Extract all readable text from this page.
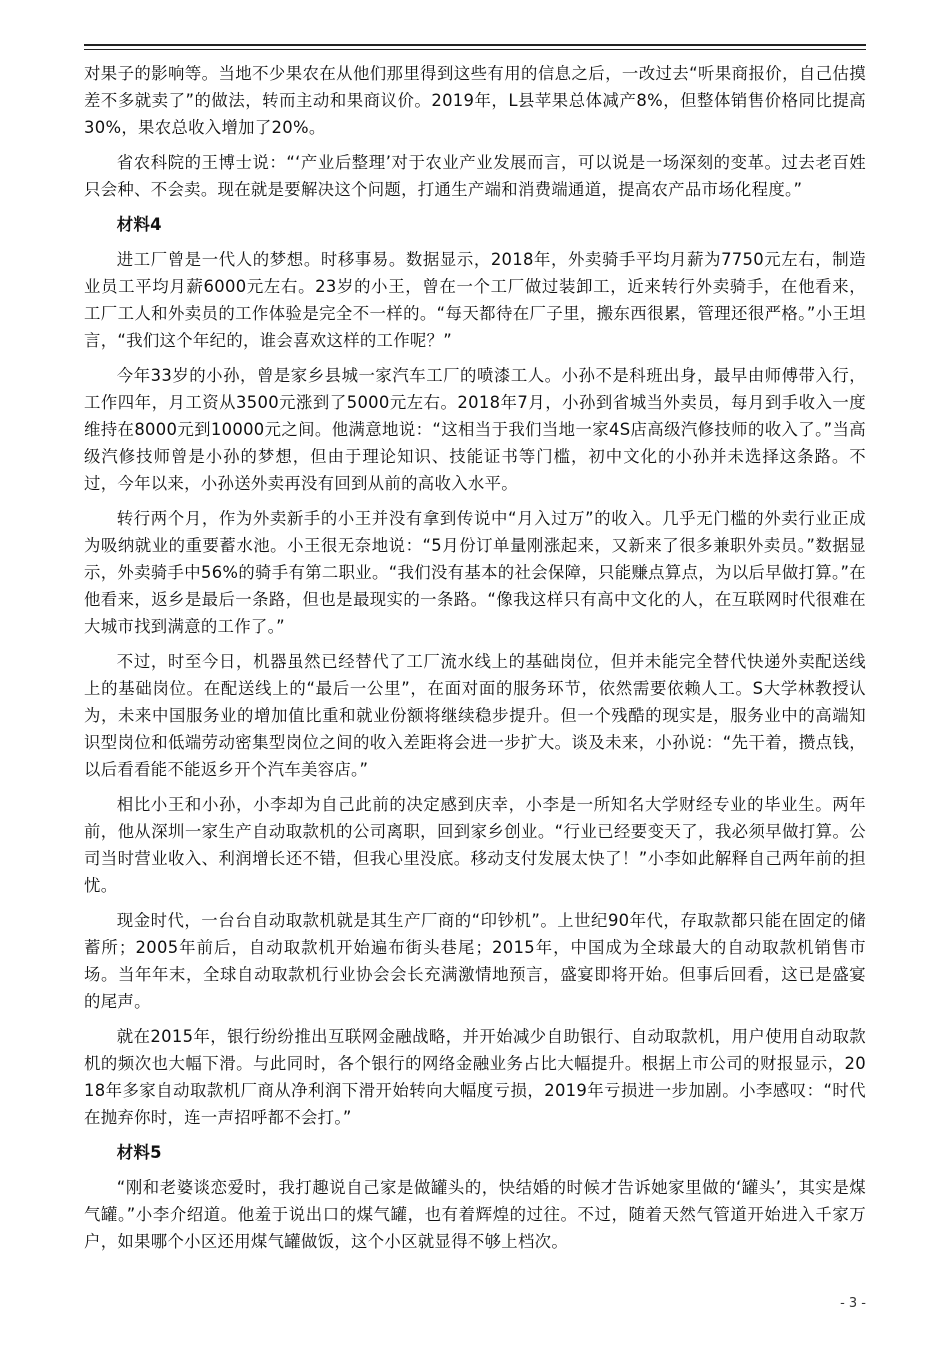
对果子的影响等。当地不少果农在从他们那里得到这些有用的信息之后，一改过去“听果商报价，自己估摸差不多就卖了”的做法，转而主动和果商议价。2019年，L县苹果总体减产8%，但整体销售价格同比提高30%，果农总收入增加了20%。

省农科院的王博士说：“‘产业后整理’对于农业产业发展而言，可以说是一场深刻的变革。过去老百姓只会种、不会卖。现在就是要解决这个问题，打通生产端和消费端通道，提高农产品市场化程度。”

材料4

进工厂曾是一代人的梦想。时移事易。数据显示，2018年，外卖骑手平均月薪为7750元左右，制造业员工平均月薪6000元左右。23岁的小王，曾在一个工厂做过装卸工，近来转行外卖骑手，在他看来，工厂工人和外卖员的工作体验是完全不一样的。“每天都待在厂子里，搬东西很累，管理还很严格。”小王坦言，“我们这个年纪的，谁会喜欢这样的工作呢？”

今年33岁的小孙，曾是家乡县城一家汽车工厂的喷漆工人。小孙不是科班出身，最早由师傅带入行，工作四年，月工资从3500元涨到了5000元左右。2018年7月，小孙到省城当外卖员，每月到手收入一度维持在8000元到10000元之间。他满意地说：“这相当于我们当地一家4S店高级汽修技师的收入了。”当高级汽修技师曾是小孙的梦想，但由于理论知识、技能证书等门槛，初中文化的小孙并未选择这条路。不过，今年以来，小孙送外卖再没有回到从前的高收入水平。

转行两个月，作为外卖新手的小王并没有拿到传说中“月入过万”的收入。几乎无门槛的外卖行业正成为吸纳就业的重要蓄水池。小王很无奈地说：“5月份订单量刚涨起来，又新来了很多兼职外卖员。”数据显示，外卖骑手中56%的骑手有第二职业。“我们没有基本的社会保障，只能赚点算点，为以后早做打算。”在他看来，返乡是最后一条路，但也是最现实的一条路。“像我这样只有高中文化的人，在互联网时代很难在大城市找到满意的工作了。”

不过，时至今日，机器虽然已经替代了工厂流水线上的基础岗位，但并未能完全替代快递外卖配送线上的基础岗位。在配送线上的“最后一公里”，在面对面的服务环节，依然需要依赖人工。S大学林教授认为，未来中国服务业的增加值比重和就业份额将继续稳步提升。但一个残酷的现实是，服务业中的高端知识型岗位和低端劳动密集型岗位之间的收入差距将会进一步扩大。谈及未来，小孙说：“先干着，攒点钱，以后看看能不能返乡开个汽车美容店。”

相比小王和小孙，小李却为自己此前的决定感到庆幸，小李是一所知名大学财经专业的毕业生。两年前，他从深圳一家生产自动取款机的公司离职，回到家乡创业。“行业已经要变天了，我必须早做打算。公司当时营业收入、利润增长还不错，但我心里没底。移动支付发展太快了！”小李如此解释自己两年前的担忧。

现金时代，一台台自动取款机就是其生产厂商的“印钞机”。上世纪90年代，存取款都只能在固定的储蓄所；2005年前后，自动取款机开始遍布街头巷尾；2015年，中国成为全球最大的自动取款机销售市场。当年年末，全球自动取款机行业协会会长充满激情地预言，盛宴即将开始。但事后回看，这已是盛宴的尾声。

就在2015年，银行纷纷推出互联网金融战略，并开始减少自助银行、自动取款机，用户使用自动取款机的频次也大幅下滑。与此同时，各个银行的网络金融业务占比大幅提升。根据上市公司的财报显示，2018年多家自动取款机厂商从净利润下滑开始转向大幅度亏损，2019年亏损进一步加剧。小李感叹：“时代在抛弃你时，连一声招呼都不会打。”

材料5

“刚和老婆谈恋爱时，我打趣说自己家是做罐头的，快结婚的时候才告诉她家里做的‘罐头’，其实是煤气罐。”小李介绍道。他羞于说出口的煤气罐，也有着辉煌的过往。不过，随着天然气管道开始进入千家万户，如果哪个小区还用煤气罐做饭，这个小区就显得不够上档次。

- 3 -
